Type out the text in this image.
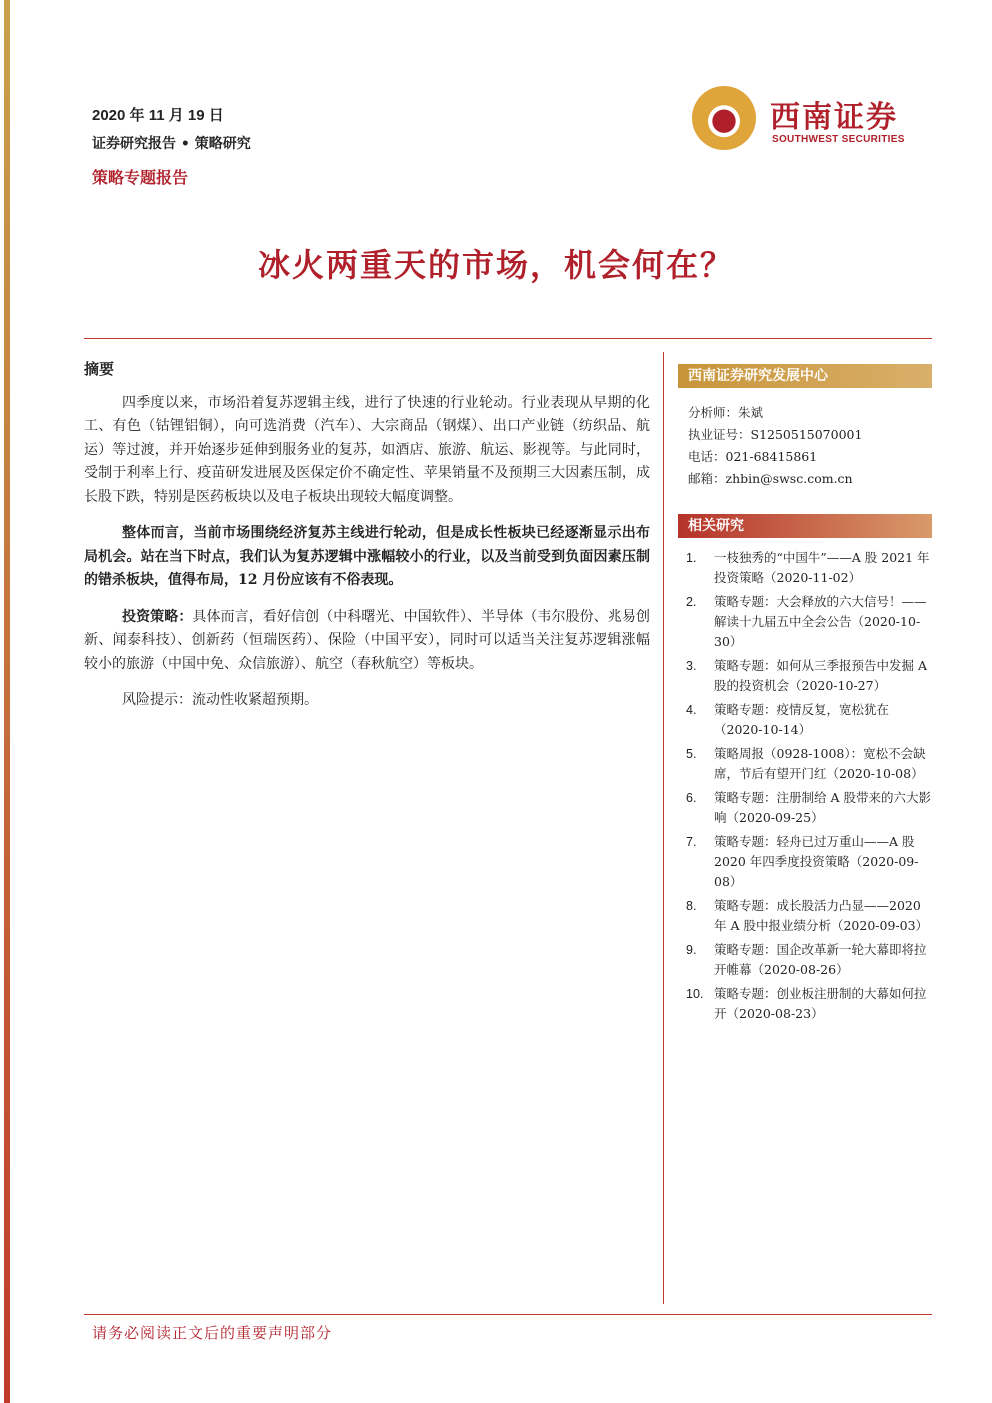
2020 年 11 月 19 日
证券研究报告 • 策略研究
策略专题报告
西南证券
SOUTHWEST SECURITIES
冰火两重天的市场，机会何在？
摘要

四季度以来，市场沿着复苏逻辑主线，进行了快速的行业轮动。行业表现从早期的化工、有色（钴锂铝铜），向可选消费（汽车）、大宗商品（钢煤）、出口产业链（纺织品、航运）等过渡，并开始逐步延伸到服务业的复苏，如酒店、旅游、航运、影视等。与此同时，受制于利率上行、疫苗研发进展及医保定价不确定性、苹果销量不及预期三大因素压制，成长股下跌，特别是医药板块以及电子板块出现较大幅度调整。

整体而言，当前市场围绕经济复苏主线进行轮动，但是成长性板块已经逐渐显示出布局机会。站在当下时点，我们认为复苏逻辑中涨幅较小的行业，以及当前受到负面因素压制的错杀板块，值得布局，12 月份应该有不俗表现。

投资策略：具体而言，看好信创（中科曙光、中国软件）、半导体（韦尔股份、兆易创新、闻泰科技）、创新药（恒瑞医药）、保险（中国平安），同时可以适当关注复苏逻辑涨幅较小的旅游（中国中免、众信旅游）、航空（春秋航空）等板块。

风险提示：流动性收紧超预期。

西南证券研究发展中心
分析师：朱斌
执业证号：S1250515070001
电话：021-68415861
邮箱：zhbin@swsc.com.cn
相关研究
1.	一枝独秀的“中国牛”——A 股 2021 年投资策略（2020-11-02）
2.	策略专题：大会释放的六大信号！——解读十九届五中全会公告（2020-10-30）
3.	策略专题：如何从三季报预告中发掘 A 股的投资机会（2020-10-27）
4.	策略专题：疫情反复，宽松犹在（2020-10-14）
5.	策略周报（0928-1008）：宽松不会缺席，节后有望开门红（2020-10-08）
6.	策略专题：注册制给 A 股带来的六大影响（2020-09-25）
7.	策略专题：轻舟已过万重山——A 股 2020 年四季度投资策略（2020-09-08）
8.	策略专题：成长股活力凸显——2020 年 A 股中报业绩分析（2020-09-03）
9.	策略专题：国企改革新一轮大幕即将拉开帷幕（2020-08-26）
10. 策略专题：创业板注册制的大幕如何拉开（2020-08-23）
请务必阅读正文后的重要声明部分
